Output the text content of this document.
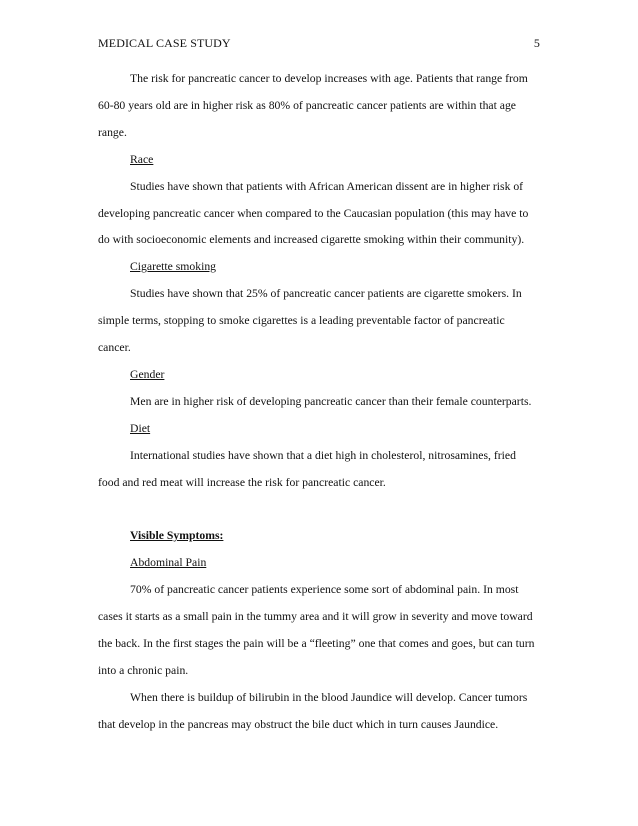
MEDICAL CASE STUDY	5

The risk for pancreatic cancer to develop increases with age. Patients that range from 60-80 years old are in higher risk as 80% of pancreatic cancer patients are within that age range.

Race

Studies have shown that patients with African American dissent are in higher risk of developing pancreatic cancer when compared to the Caucasian population (this may have to do with socioeconomic elements and increased cigarette smoking within their community).

Cigarette smoking

Studies have shown that 25% of pancreatic cancer patients are cigarette smokers. In simple terms, stopping to smoke cigarettes is a leading preventable factor of pancreatic cancer.

Gender

Men are in higher risk of developing pancreatic cancer than their female counterparts.

Diet

International studies have shown that a diet high in cholesterol, nitrosamines, fried food and red meat will increase the risk for pancreatic cancer.

Visible Symptoms:

Abdominal Pain

70% of pancreatic cancer patients experience some sort of abdominal pain. In most cases it starts as a small pain in the tummy area and it will grow in severity and move toward the back. In the first stages the pain will be a “fleeting” one that comes and goes, but can turn into a chronic pain.

When there is buildup of bilirubin in the blood Jaundice will develop. Cancer tumors that develop in the pancreas may obstruct the bile duct which in turn causes Jaundice.
